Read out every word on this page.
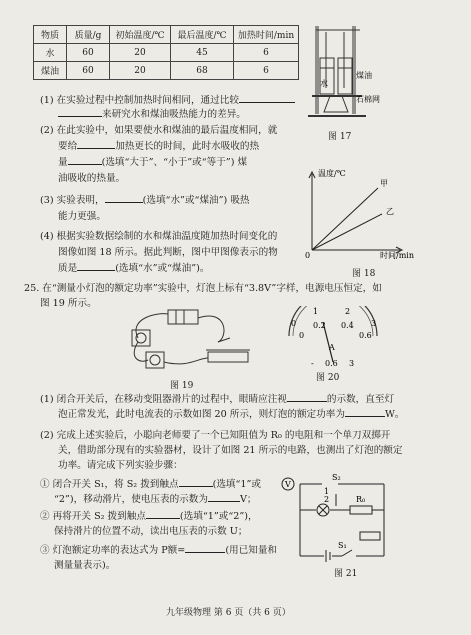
物质	质量/g	初始温度/℃	最后温度/℃	加热时间/min
水	60	20	45	6
煤油	60	20	68	6
水
煤油
石棉网
图 17
(1) 在实验过程中控制加热时间相同，通过比较
来研究水和煤油吸热能力的差异。
(2) 在此实验中，如果要使水和煤油的最后温度相同，就
要给	加热更长的时间，此时水吸收的热
量	(选填“大于”、“小于”或“等于”) 煤
油吸收的热量。
(3) 实验表明，	(选填“水”或“煤油”) 吸热
能力更强。
(4) 根据实验数据绘制的水和煤油温度随加热时间变化的
图像如图 18 所示。据此判断，图中甲图像表示的物
质是	(选填“水”或“煤油”)。
温度/℃
甲
乙
0	时间/min
图 18
25. 在“测量小灯泡的额定功率”实验中，灯泡上标有“3.8V”字样，电源电压恒定，如
图 19 所示。
图 19
0
1	2
3
0
0.2 0.4
0.6
A
- 0.6 3
图 20
(1) 闭合开关后，在移动变阻器滑片的过程中，眼睛应注视	的示数，直至灯
泡正常发光，此时电流表的示数如图 20 所示，则灯泡的额定功率为	W。
(2) 完成上述实验后，小聪向老师要了一个已知阻值为 R₀ 的电阻和一个单刀双掷开
关，借助部分现有的实验器材，设计了如图 21 所示的电路，也测出了灯泡的额定
功率。请完成下列实验步骤：
① 闭合开关 S₁，将 S₂ 拨到触点	(选填“1”或
“2”)，移动滑片，使电压表的示数为	V；
② 再将开关 S₂ 拨到触点	(选填“1”或“2”)，
保持滑片的位置不动，读出电压表的示数 U；
③ 灯泡额定功率的表达式为 P额=	(用已知量和
测量量表示)。
V
S₂
1
2	R₀
S₁
图 21
九年级物理 第 6 页（共 6 页）
